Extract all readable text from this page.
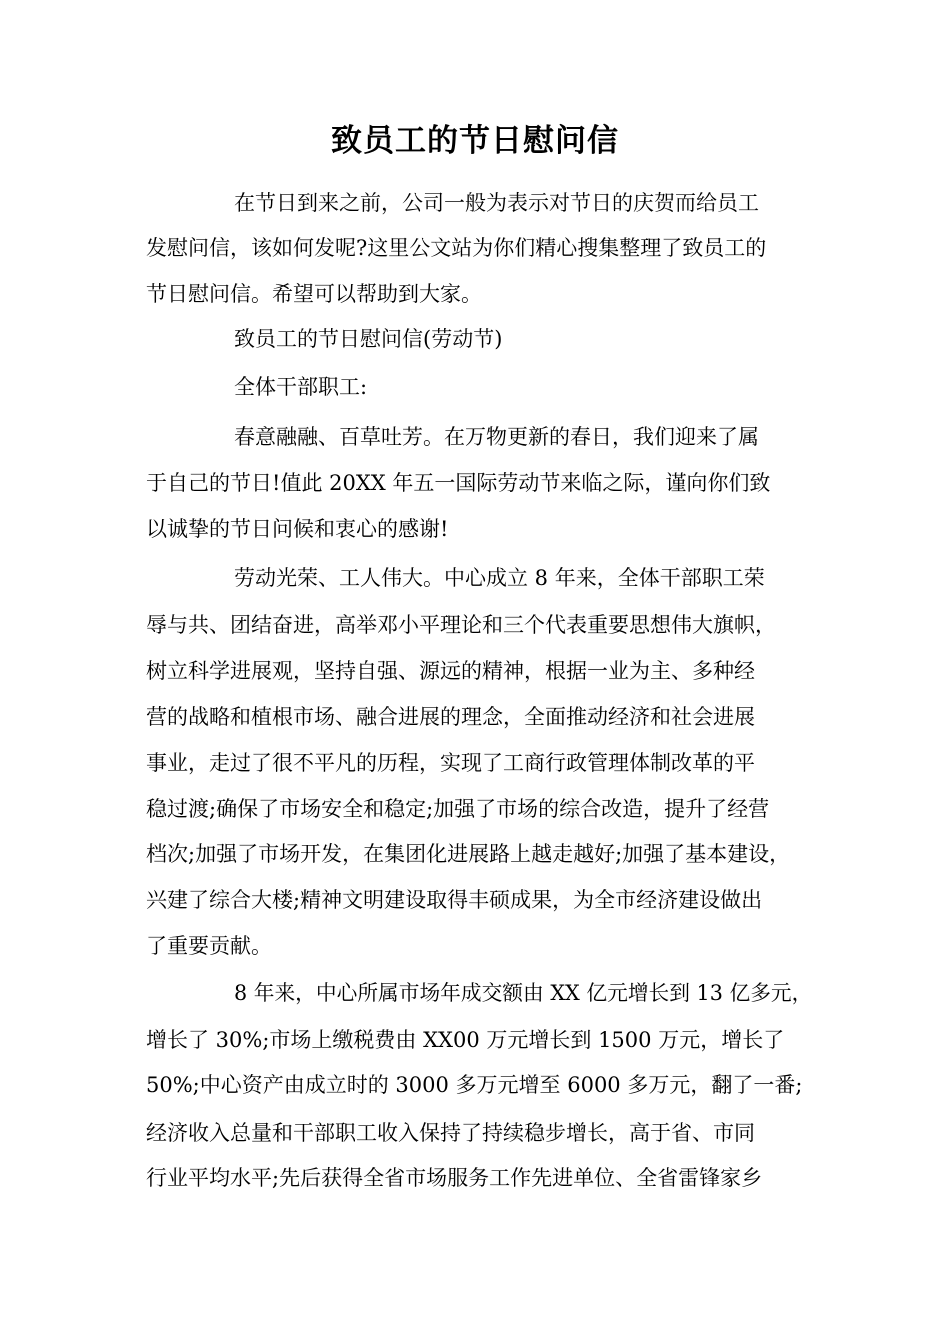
致员工的节日慰问信
在节日到来之前，公司一般为表示对节日的庆贺而给员工
发慰问信，该如何发呢?这里公文站为你们精心搜集整理了致员工的
节日慰问信。希望可以帮助到大家。
致员工的节日慰问信(劳动节)
全体干部职工:
春意融融、百草吐芳。在万物更新的春日，我们迎来了属
于自己的节日!值此 20XX 年五一国际劳动节来临之际，谨向你们致
以诚挚的节日问候和衷心的感谢!
劳动光荣、工人伟大。中心成立 8 年来，全体干部职工荣
辱与共、团结奋进，高举邓小平理论和三个代表重要思想伟大旗帜，
树立科学进展观，坚持自强、源远的精神，根据一业为主、多种经
营的战略和植根市场、融合进展的理念，全面推动经济和社会进展
事业，走过了很不平凡的历程，实现了工商行政管理体制改革的平
稳过渡;确保了市场安全和稳定;加强了市场的综合改造，提升了经营
档次;加强了市场开发，在集团化进展路上越走越好;加强了基本建设，
兴建了综合大楼;精神文明建设取得丰硕成果，为全市经济建设做出
了重要贡献。
8 年来，中心所属市场年成交额由 XX 亿元增长到 13 亿多元，
增长了 30%;市场上缴税费由 XX00 万元增长到 1500 万元，增长了
50%;中心资产由成立时的 3000 多万元增至 6000 多万元，翻了一番;
经济收入总量和干部职工收入保持了持续稳步增长，高于省、市同
行业平均水平;先后获得全省市场服务工作先进单位、全省雷锋家乡
